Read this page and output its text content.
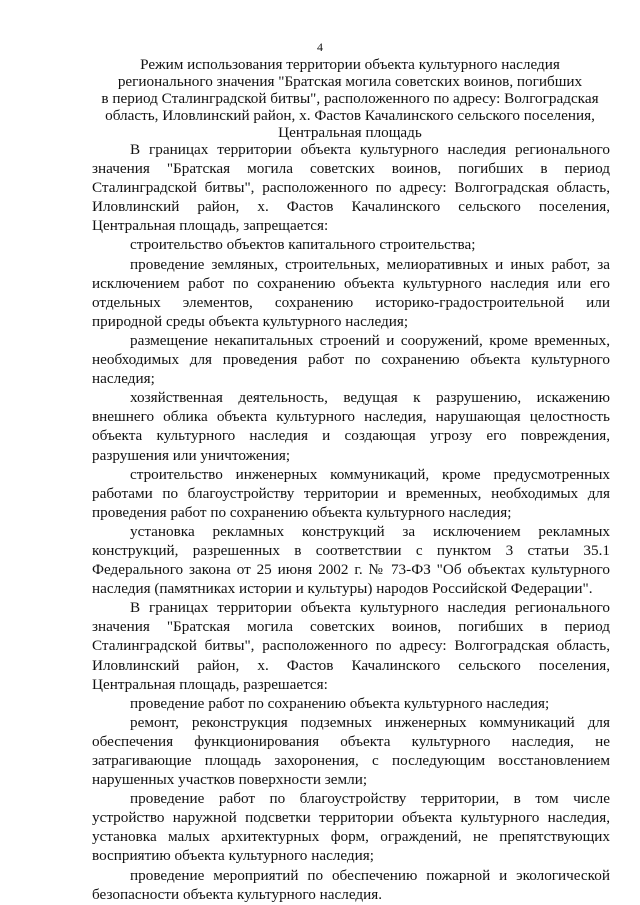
4
Режим использования территории объекта культурного наследия
регионального значения "Братская могила советских воинов, погибших
в период Сталинградской битвы", расположенного по адресу: Волгоградская
область, Иловлинский район, х. Фастов Качалинского сельского поселения,
Центральная площадь

В границах территории объекта культурного наследия регионального значения "Братская могила советских воинов, погибших в период Сталинградской битвы", расположенного по адресу: Волгоградская область, Иловлинский район, х. Фастов Качалинского сельского поселения, Центральная площадь, запрещается:

строительство объектов капитального строительства;

проведение земляных, строительных, мелиоративных и иных работ, за исключением работ по сохранению объекта культурного наследия или его отдельных элементов, сохранению историко-градостроительной или природной среды объекта культурного наследия;

размещение некапитальных строений и сооружений, кроме временных, необходимых для проведения работ по сохранению объекта культурного наследия;

хозяйственная деятельность, ведущая к разрушению, искажению внешнего облика объекта культурного наследия, нарушающая целостность объекта культурного наследия и создающая угрозу его повреждения, разрушения или уничтожения;

строительство инженерных коммуникаций, кроме предусмотренных работами по благоустройству территории и временных, необходимых для проведения работ по сохранению объекта культурного наследия;

установка рекламных конструкций за исключением рекламных конструкций, разрешенных в соответствии с пунктом 3 статьи 35.1 Федерального закона от 25 июня 2002 г. № 73-ФЗ "Об объектах культурного наследия (памятниках истории и культуры) народов Российской Федерации".

В границах территории объекта культурного наследия регионального значения "Братская могила советских воинов, погибших в период Сталинградской битвы", расположенного по адресу: Волгоградская область, Иловлинский район, х. Фастов Качалинского сельского поселения, Центральная площадь, разрешается:

проведение работ по сохранению объекта культурного наследия;

ремонт, реконструкция подземных инженерных коммуникаций для обеспечения функционирования объекта культурного наследия, не затрагивающие площадь захоронения, с последующим восстановлением нарушенных участков поверхности земли;

проведение работ по благоустройству территории, в том числе устройство наружной подсветки территории объекта культурного наследия, установка малых архитектурных форм, ограждений, не препятствующих восприятию объекта культурного наследия;

проведение мероприятий по обеспечению пожарной и экологической безопасности объекта культурного наследия.
